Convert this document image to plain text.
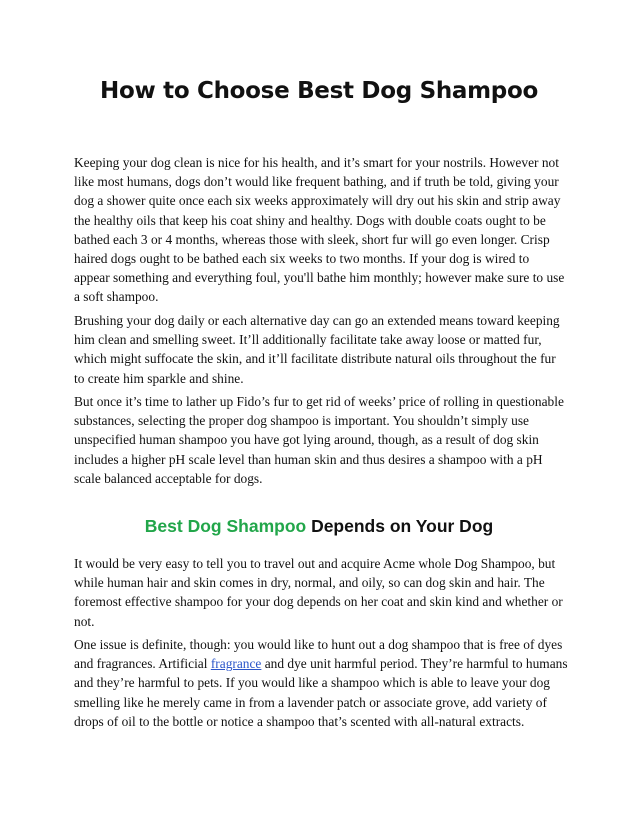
How to Choose Best Dog Shampoo

Keeping your dog clean is nice for his health, and it’s smart for your nostrils. However not like most humans, dogs don’t would like frequent bathing, and if truth be told, giving your dog a shower quite once each six weeks approximately will dry out his skin and strip away the healthy oils that keep his coat shiny and healthy. Dogs with double coats ought to be bathed each 3 or 4 months, whereas those with sleek, short fur will go even longer. Crisp haired dogs ought to be bathed each six weeks to two months. If your dog is wired to appear something and everything foul, you'll bathe him monthly; however make sure to use a soft shampoo.

Brushing your dog daily or each alternative day can go an extended means toward keeping him clean and smelling sweet. It’ll additionally facilitate take away loose or matted fur, which might suffocate the skin, and it’ll facilitate distribute natural oils throughout the fur to create him sparkle and shine.

But once it’s time to lather up Fido’s fur to get rid of weeks’ price of rolling in questionable substances, selecting the proper dog shampoo is important. You shouldn’t simply use unspecified human shampoo you have got lying around, though, as a result of dog skin includes a higher pH scale level than human skin and thus desires a shampoo with a pH scale balanced acceptable for dogs.

Best Dog Shampoo Depends on Your Dog

It would be very easy to tell you to travel out and acquire Acme whole Dog Shampoo, but while human hair and skin comes in dry, normal, and oily, so can dog skin and hair. The foremost effective shampoo for your dog depends on her coat and skin kind and whether or not.

One issue is definite, though: you would like to hunt out a dog shampoo that is free of dyes and fragrances. Artificial fragrance and dye unit harmful period. They’re harmful to humans and they’re harmful to pets. If you would like a shampoo which is able to leave your dog smelling like he merely came in from a lavender patch or associate grove, add variety of drops of oil to the bottle or notice a shampoo that’s scented with all-natural extracts.
